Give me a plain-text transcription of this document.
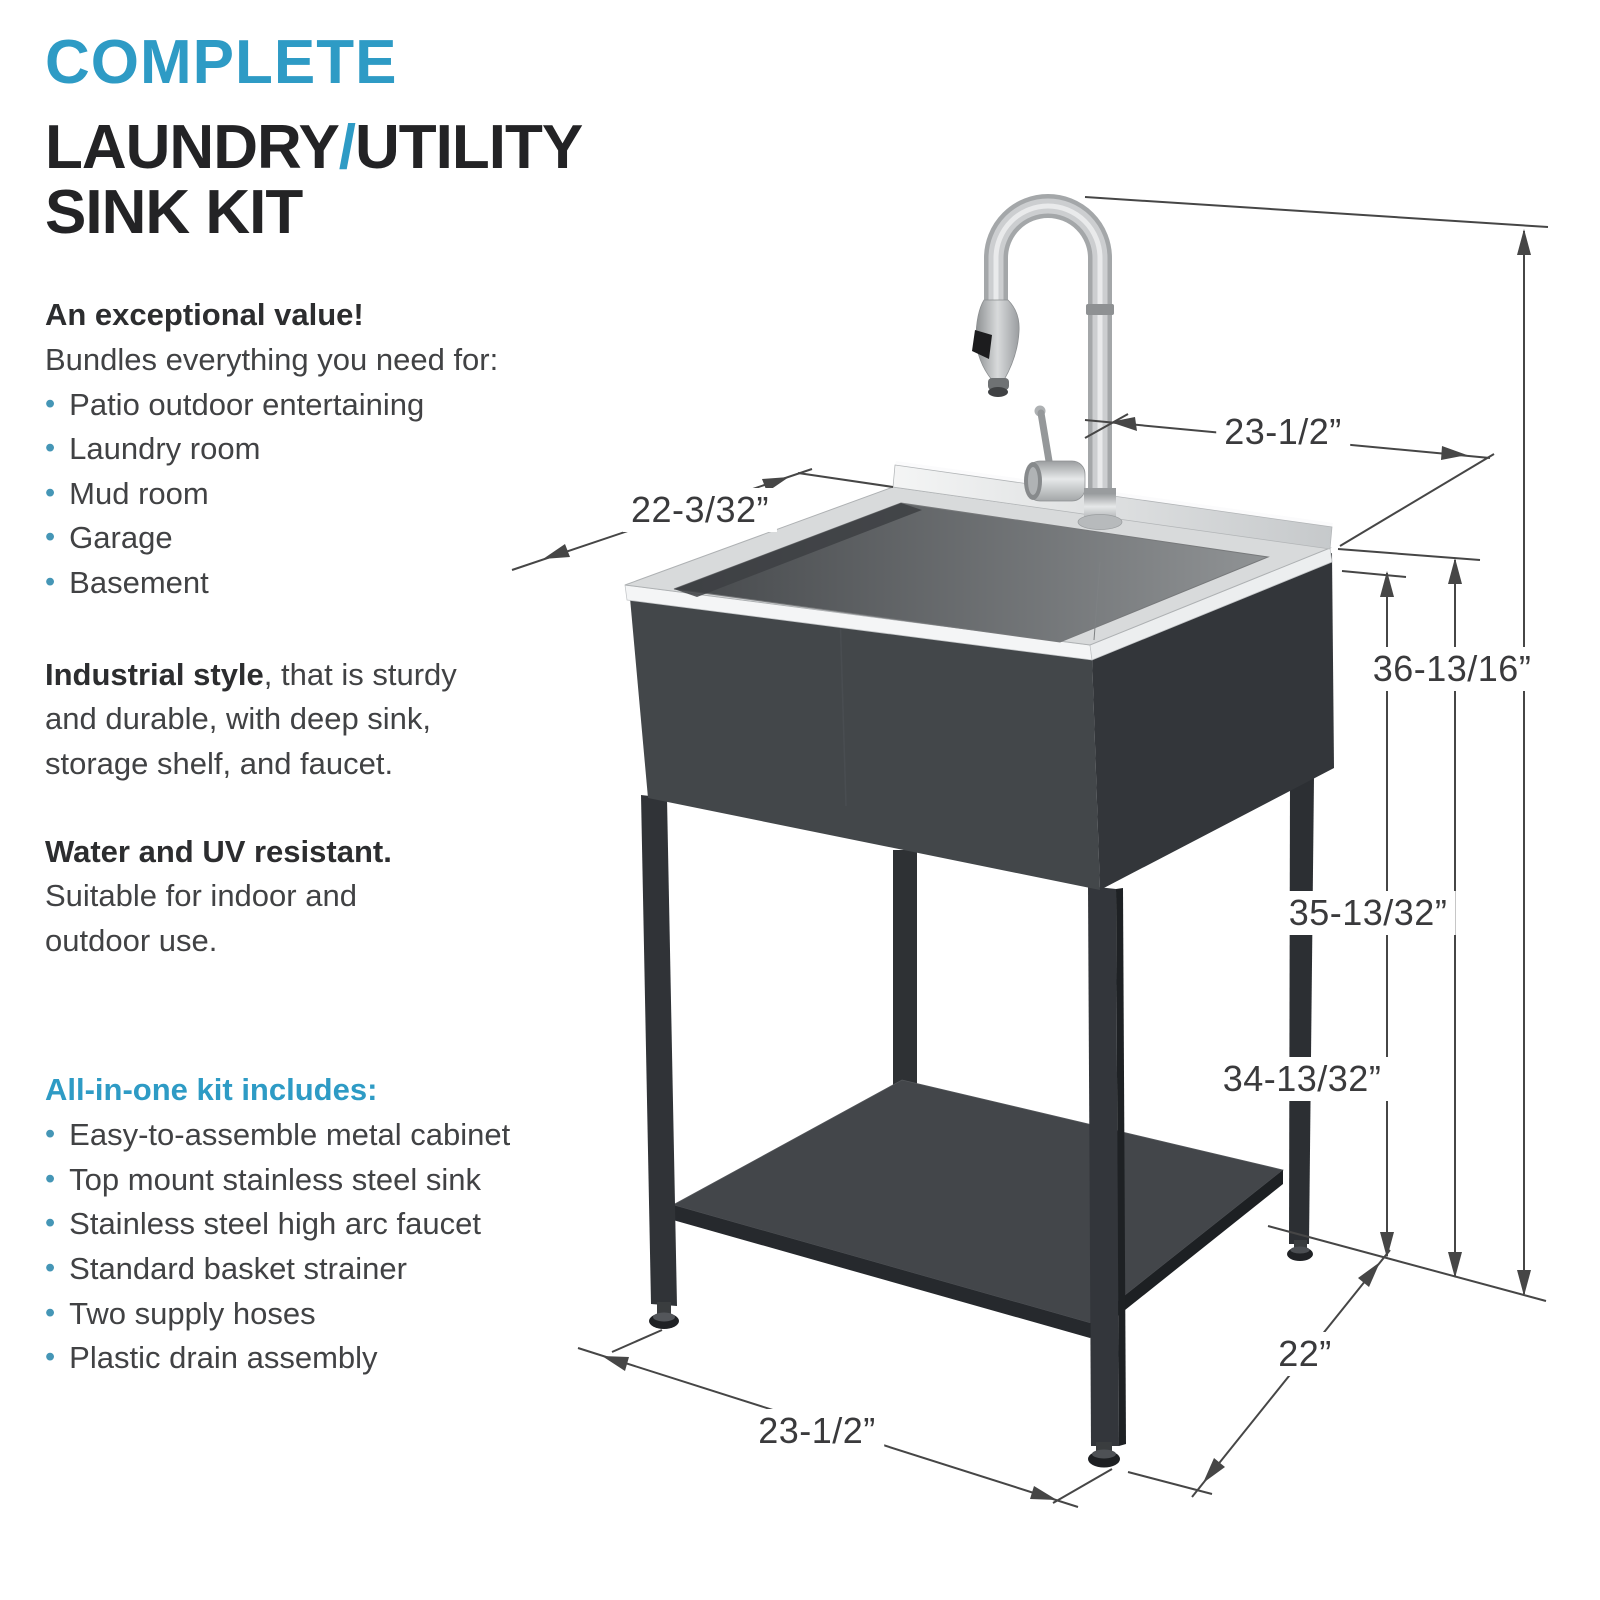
23-1/2”
22-3/32”
36-13/16”
35-13/32”
34-13/32”
23-1/2”
22”
COMPLETE
LAUNDRY/UTILITY SINK KIT
An exceptional value!
Bundles everything you need for:
• Patio outdoor entertaining
• Laundry room
• Mud room
• Garage
• Basement
Industrial style, that is sturdy
and durable, with deep sink,
storage shelf, and faucet.
Water and UV resistant.
Suitable for indoor and
outdoor use.
All-in-one kit includes:
• Easy-to-assemble metal cabinet
• Top mount stainless steel sink
• Stainless steel high arc faucet
• Standard basket strainer
• Two supply hoses
• Plastic drain assembly
